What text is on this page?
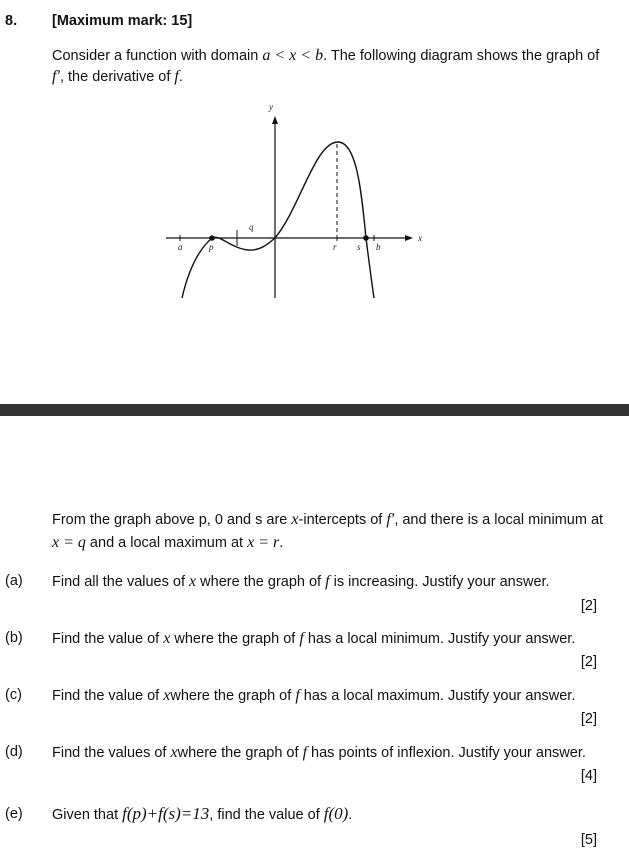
8. [Maximum mark: 15]
Consider a function with domain a < x < b. The following diagram shows the graph of
f′, the derivative of f.
y
x
a	p
q
r s b
From the graph above p, 0 and s are x-intercepts of f′, and there is a local minimum at
x = q and a local maximum at x = r.
(a) Find all the values of x where the graph of f is increasing. Justify your answer.
[2]
(b) Find the value of x where the graph of f has a local minimum. Justify your answer.
[2]
(c) Find the value of xwhere the graph of f has a local maximum. Justify your answer.
[2]
(d) Find the values of xwhere the graph of f has points of inflexion. Justify your answer.
[4]
(e) Given that f(p)+f(s)=13, find the value of f(0).
[5]
